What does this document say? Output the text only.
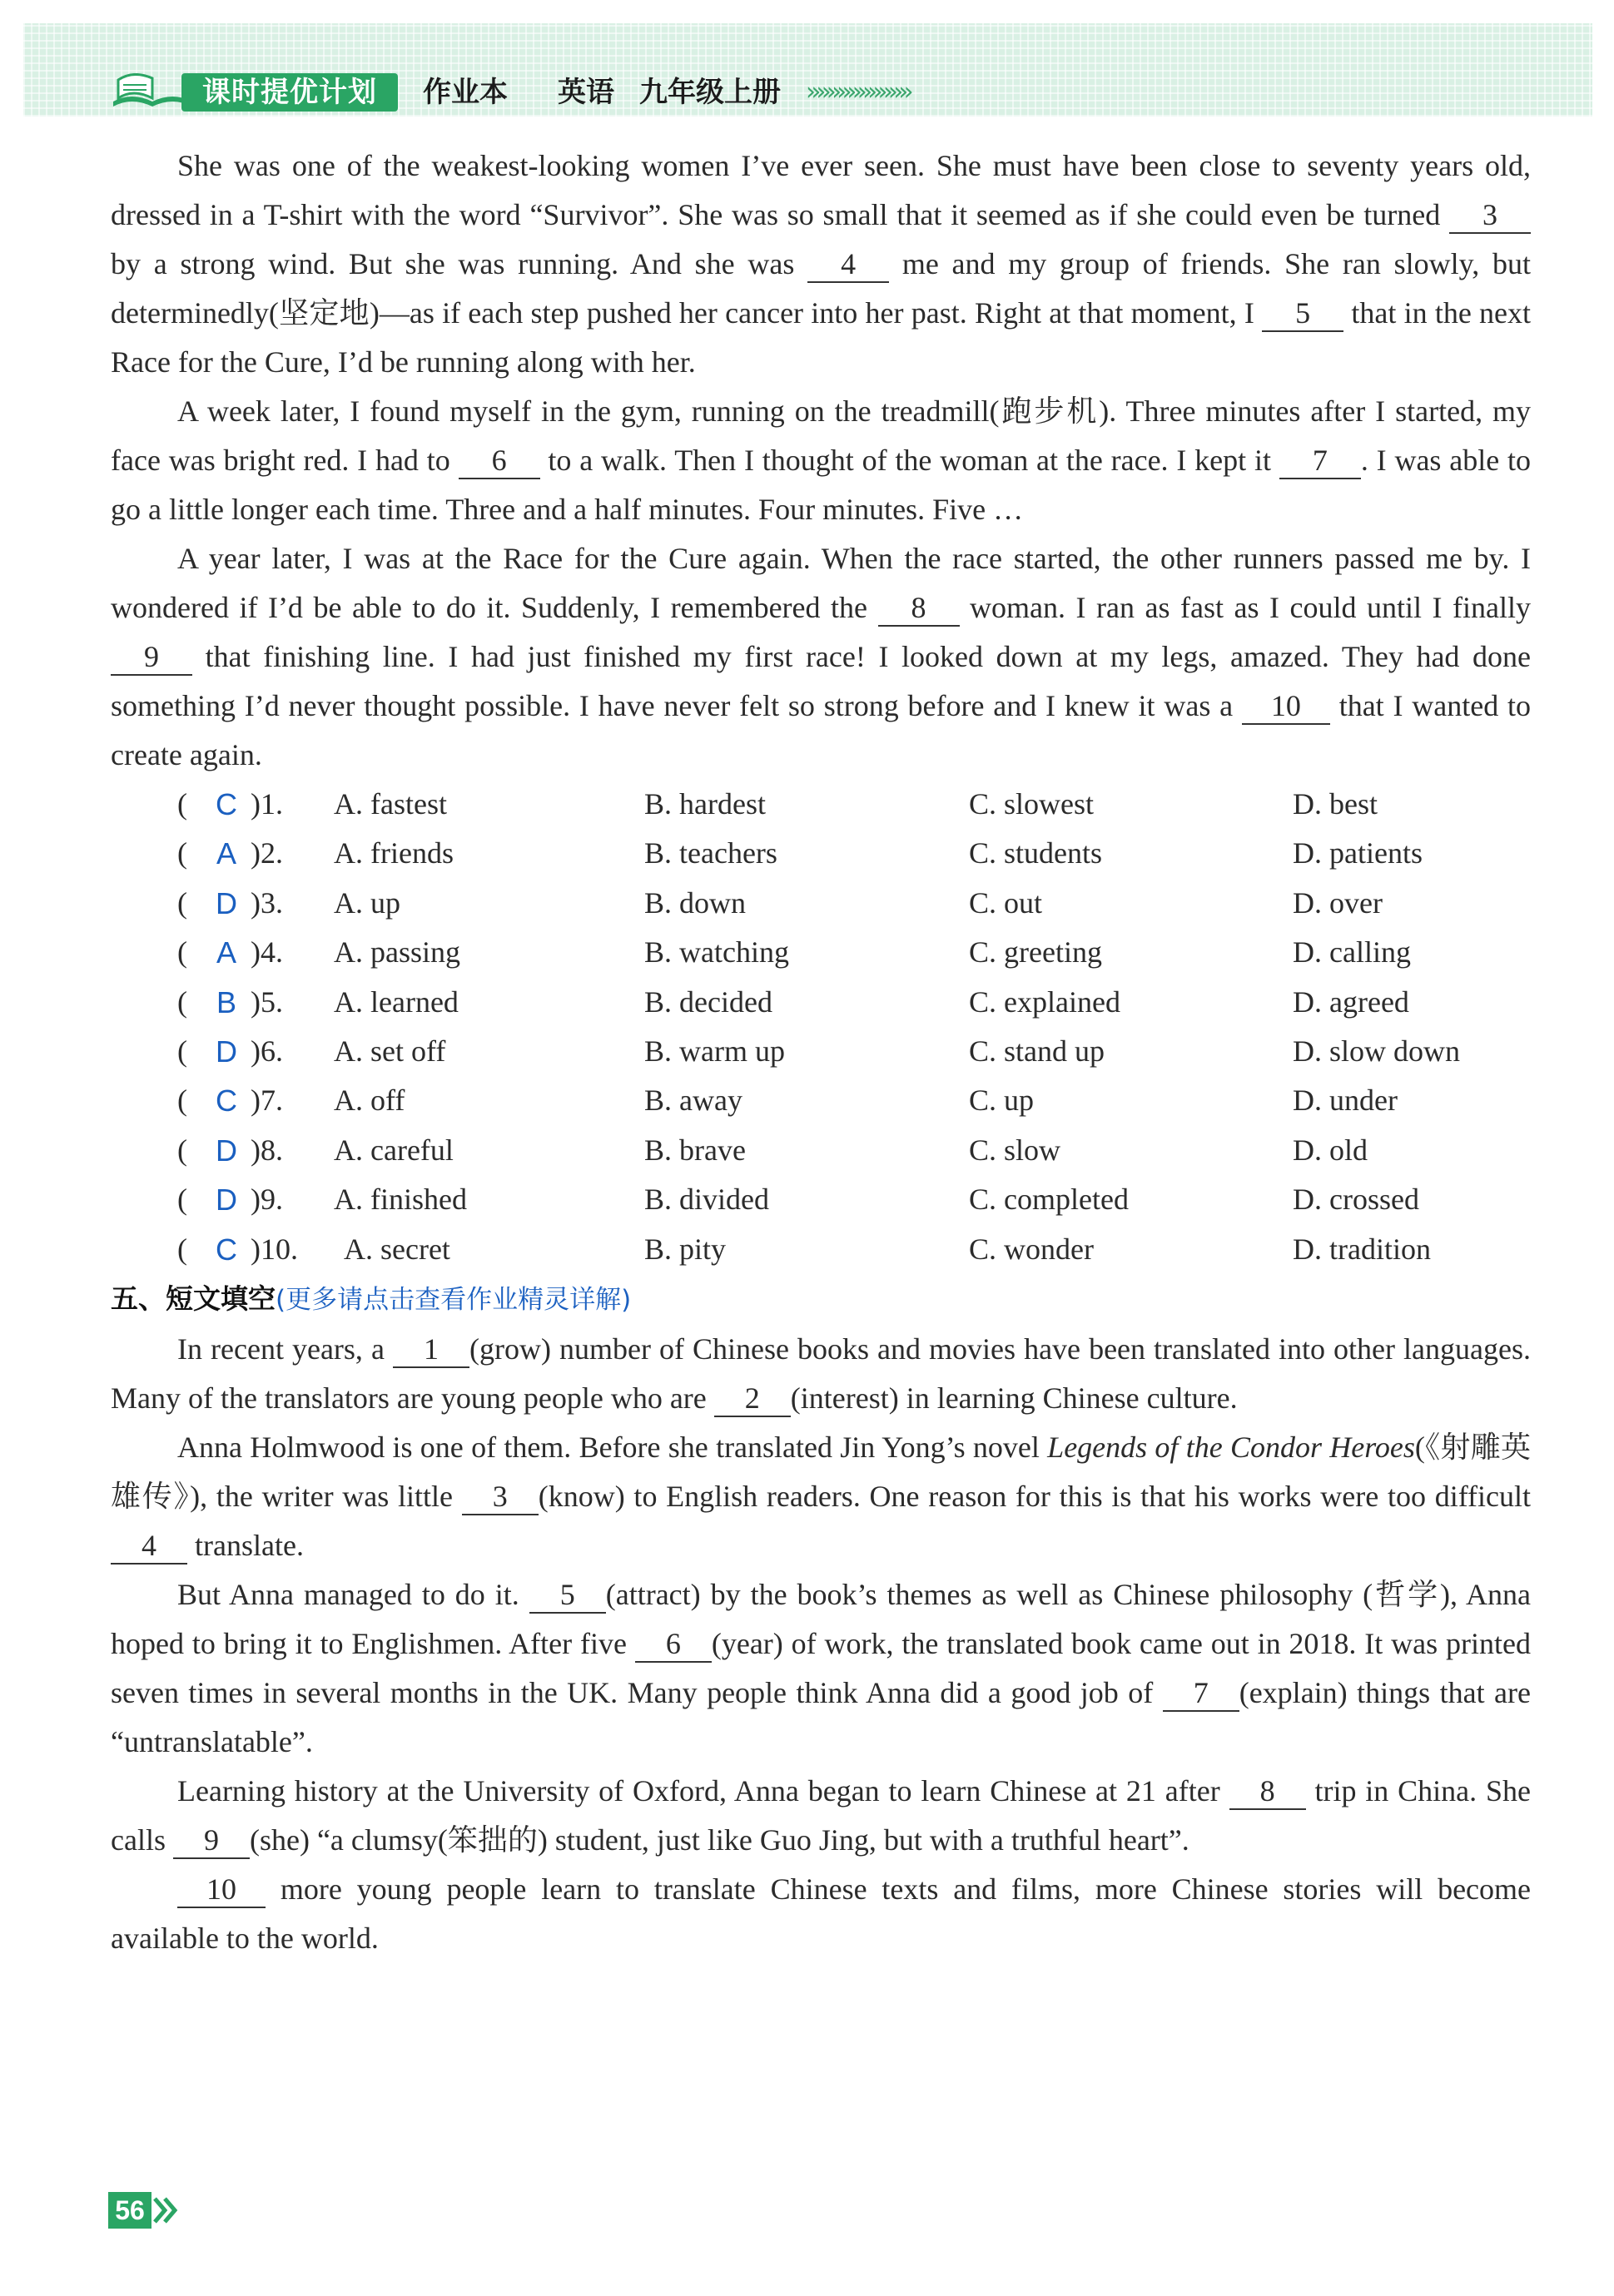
课时提优计划	作业本 英语 九年级上册 »»»»»»»»»»

She was one of the weakest-looking women I’ve ever seen. She must have been close to seventy years old, dressed in a T-shirt with the word “Survivor”. She was so small that it seemed as if she could even be turned 3 by a strong wind. But she was running. And she was 4 me and my group of friends. She ran slowly, but determinedly(坚定地)—as if each step pushed her cancer into her past. Right at that moment, I 5 that in the next Race for the Cure, I’d be running along with her.

A week later, I found myself in the gym, running on the treadmill(跑步机). Three minutes after I started, my face was bright red. I had to 6 to a walk. Then I thought of the woman at the race. I kept it 7 . I was able to go a little longer each time. Three and a half minutes. Four minutes. Five …

A year later, I was at the Race for the Cure again. When the race started, the other runners passed me by. I wondered if I’d be able to do it. Suddenly, I remembered the 8 woman. I ran as fast as I could until I finally 9 that finishing line. I had just finished my first race! I looked down at my legs, amazed. They had done something I’d never thought possible. I have never felt so strong before and I knew it was a 10 that I wanted to create again.

( C )1. A. fastest	B. hardest	C. slowest	D. best
( A )2. A. friends	B. teachers	C. students	D. patients
( D )3. A. up	B. down	C. out	D. over
( A )4. A. passing	B. watching	C. greeting	D. calling
( B )5. A. learned	B. decided	C. explained	D. agreed
( D )6. A. set off	B. warm up	C. stand up	D. slow down
( C )7. A. off	B. away	C. up	D. under
( D )8. A. careful	B. brave	C. slow	D. old
( D )9. A. finished	B. divided	C. completed	D. crossed
( C )10. A. secret	B. pity	C. wonder	D. tradition

五、短文填空(更多请点击查看作业精灵详解)

In recent years, a 1 (grow) number of Chinese books and movies have been translated into other languages. Many of the translators are young people who are 2 (interest) in learning Chinese culture.

Anna Holmwood is one of them. Before she translated Jin Yong’s novel Legends of the Condor Heroes(《射雕英雄传》), the writer was little 3 (know) to English readers. One reason for this is that his works were too difficult 4 translate.

But Anna managed to do it. 5 (attract) by the book’s themes as well as Chinese philosophy (哲学), Anna hoped to bring it to Englishmen. After five 6 (year) of work, the translated book came out in 2018. It was printed seven times in several months in the UK. Many people think Anna did a good job of 7 (explain) things that are “untranslatable”.

Learning history at the University of Oxford, Anna began to learn Chinese at 21 after 8 trip in China. She calls 9 (she) “a clumsy(笨拙的) student, just like Guo Jing, but with a truthful heart”.

10 more young people learn to translate Chinese texts and films, more Chinese stories will become available to the world.

56
